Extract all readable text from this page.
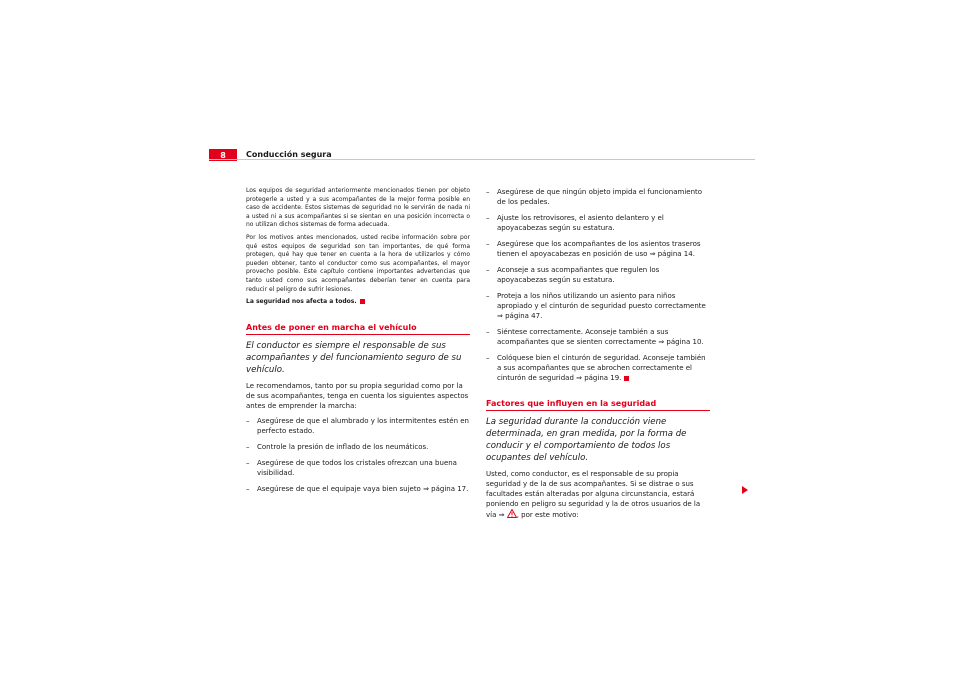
8	Conducción segura

Los equipos de seguridad anteriormente mencionados tienen por objeto protegerle a usted y a sus acompañantes de la mejor forma posible en caso de accidente. Estos sistemas de seguridad no le servirán de nada ni a usted ni a sus acompañantes si se sientan en una posición incorrecta o no utilizan dichos sistemas de forma adecuada.

Por los motivos antes mencionados, usted recibe información sobre por qué estos equipos de seguridad son tan importantes, de qué forma protegen, qué hay que tener en cuenta a la hora de utilizarlos y cómo pueden obtener, tanto el conductor como sus acompañantes, el mayor provecho posible. Este capítulo contiene importantes advertencias que tanto usted como sus acompañantes deberían tener en cuenta para reducir el peligro de sufrir lesiones.

La seguridad nos afecta a todos.

Antes de poner en marcha el vehículo

El conductor es siempre el responsable de sus acompañantes y del funcionamiento seguro de su vehículo.

Le recomendamos, tanto por su propia seguridad como por la de sus acompañantes, tenga en cuenta los siguientes aspectos antes de emprender la marcha:

– Asegúrese de que el alumbrado y los intermitentes estén en perfecto estado.
– Controle la presión de inflado de los neumáticos.
– Asegúrese de que todos los cristales ofrezcan una buena visibilidad.
– Asegúrese de que el equipaje vaya bien sujeto ⇒ página 17.
– Asegúrese de que ningún objeto impida el funcionamiento de los pedales.
– Ajuste los retrovisores, el asiento delantero y el apoyacabezas según su estatura.
– Asegúrese que los acompañantes de los asientos traseros tienen el apoyacabezas en posición de uso ⇒ página 14.
– Aconseje a sus acompañantes que regulen los apoyacabezas según su estatura.
– Proteja a los niños utilizando un asiento para niños apropiado y el cinturón de seguridad puesto correctamente ⇒ página 47.
– Siéntese correctamente. Aconseje también a sus acompañantes que se sienten correctamente ⇒ página 10.
– Colóquese bien el cinturón de seguridad. Aconseje también a sus acompañantes que se abrochen correctamente el cinturón de seguridad ⇒ página 19.
Factores que influyen en la seguridad

La seguridad durante la conducción viene determinada, en gran medida, por la forma de conducir y el comportamiento de todos los ocupantes del vehículo.

Usted, como conductor, es el responsable de su propia seguridad y de la de sus acompañantes. Si se distrae o sus facultades están alteradas por alguna circunstancia, estará poniendo en peligro su seguridad y la de otros usuarios de la vía ⇒ , por este motivo:
